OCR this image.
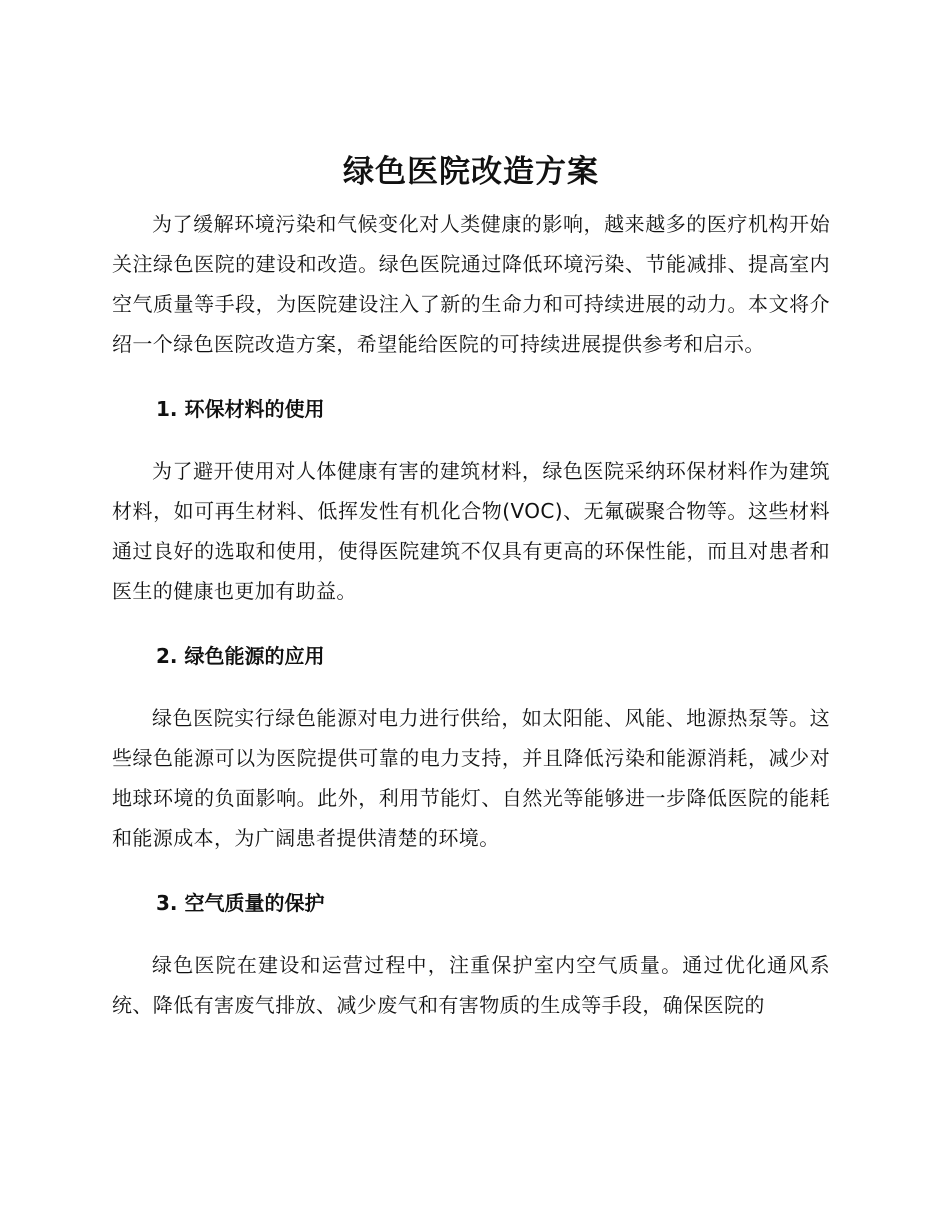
绿色医院改造方案

为了缓解环境污染和气候变化对人类健康的影响，越来越多的医疗机构开始关注绿色医院的建设和改造。绿色医院通过降低环境污染、节能减排、提高室内空气质量等手段，为医院建设注入了新的生命力和可持续进展的动力。本文将介绍一个绿色医院改造方案，希望能给医院的可持续进展提供参考和启示。

1. 环保材料的使用

为了避开使用对人体健康有害的建筑材料，绿色医院采纳环保材料作为建筑材料，如可再生材料、低挥发性有机化合物(VOC)、无氟碳聚合物等。这些材料通过良好的选取和使用，使得医院建筑不仅具有更高的环保性能，而且对患者和医生的健康也更加有助益。

2. 绿色能源的应用

绿色医院实行绿色能源对电力进行供给，如太阳能、风能、地源热泵等。这些绿色能源可以为医院提供可靠的电力支持，并且降低污染和能源消耗，减少对地球环境的负面影响。此外，利用节能灯、自然光等能够进一步降低医院的能耗和能源成本，为广阔患者提供清楚的环境。

3. 空气质量的保护

绿色医院在建设和运营过程中，注重保护室内空气质量。通过优化通风系统、降低有害废气排放、减少废气和有害物质的生成等手段，确保医院的
